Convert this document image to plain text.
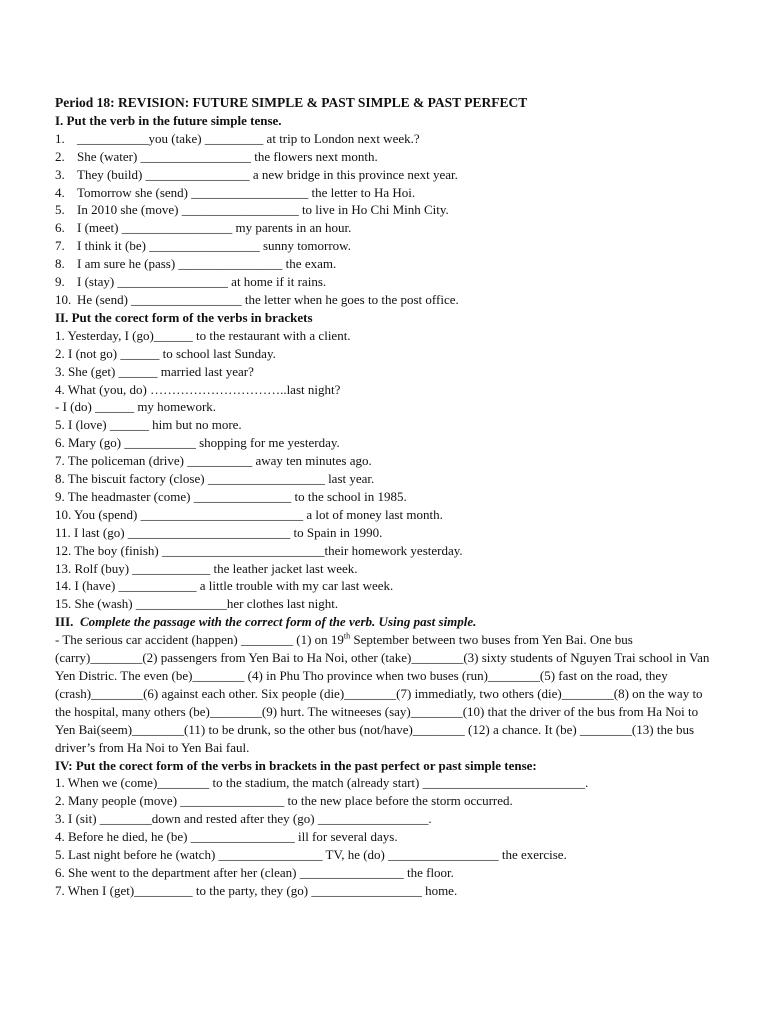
Period 18: REVISION: FUTURE SIMPLE & PAST SIMPLE & PAST PERFECT
I. Put the verb in the future simple tense.
1. ___________you (take) _________ at trip to London next week.?
2. She (water) _________________ the flowers next month.
3. They (build) ________________ a new bridge in this province next year.
4. Tomorrow she (send) __________________ the letter to Ha Hoi.
5. In 2010 she (move) __________________ to live in Ho Chi Minh City.
6. I (meet) _________________ my parents in an hour.
7. I think it (be) _________________ sunny tomorrow.
8. I am sure he (pass) ________________ the exam.
9. I (stay) _________________ at home if it rains.
10. He (send) _________________ the letter when he goes to the post office.
II. Put the corect form of the verbs in brackets
1. Yesterday, I (go)______ to the restaurant with a client.
2. I (not go) ______ to school last Sunday.
3. She (get) ______ married last year?
4. What (you, do) …………………………..last night?
- I (do) ______ my homework.
5. I (love) ______ him but no more.
6. Mary (go) ___________ shopping for me yesterday.
7. The policeman (drive) __________ away ten minutes ago.
8. The biscuit factory (close) __________________ last year.
9. The headmaster (come) _______________ to the school in 1985.
10. You (spend) _________________________ a lot of money last month.
11. I last (go) _________________________ to Spain in 1990.
12. The boy (finish) _________________________their homework yesterday.
13. Rolf (buy) ____________ the leather jacket last week.
14. I (have) ____________ a little trouble with my car last week.
15. She (wash) ______________her clothes last night.
III. Complete the passage with the correct form of the verb. Using past simple.
- The serious car accident (happen) ________ (1) on 19th September between two buses from Yen Bai. One bus (carry)________(2) passengers from Yen Bai to Ha Noi, other (take)________(3) sixty students of Nguyen Trai school in Van Yen Distric. The even (be)________ (4) in Phu Tho province when two buses (run)________(5) fast on the road, they (crash)________(6) against each other. Six people (die)________(7) immediatly, two others (die)________(8) on the way to the hospital, many others (be)________(9) hurt. The witneeses (say)________(10) that the driver of the bus from Ha Noi to Yen Bai(seem)________(11) to be drunk, so the other bus (not/have)________ (12) a chance. It (be) ________(13) the bus driver’s from Ha Noi to Yen Bai faul.
IV: Put the corect form of the verbs in brackets in the past perfect or past simple tense:
1. When we (come)________ to the stadium, the match (already start) _________________________.
2. Many people (move) ________________ to the new place before the storm occurred.
3. I (sit) ________down and rested after they (go) _________________.
4. Before he died, he (be) ________________ ill for several days.
5. Last night before he (watch) ________________ TV, he (do) _________________ the exercise.
6. She went to the department after her (clean) ________________ the floor.
7. When I (get)_________ to the party, they (go) _________________ home.
